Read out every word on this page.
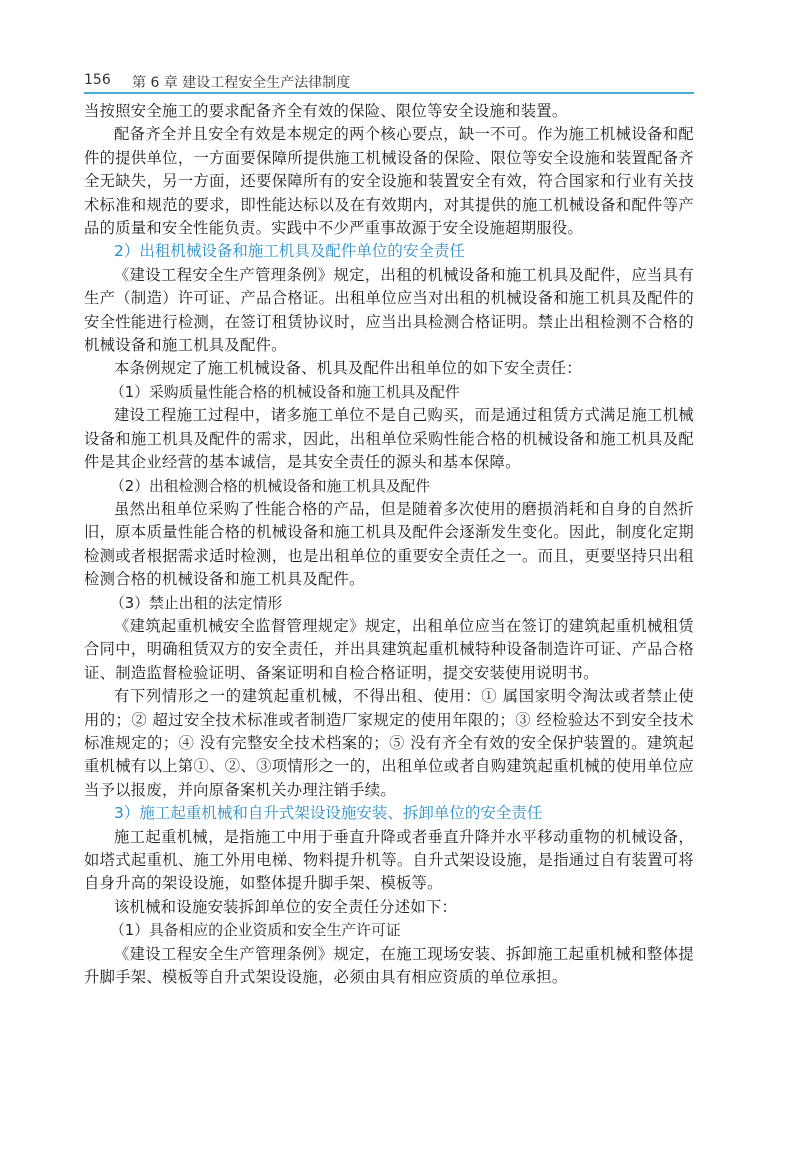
156 第 6 章 建设工程安全生产法律制度

当按照安全施工的要求配备齐全有效的保险、限位等安全设施和装置。

配备齐全并且安全有效是本规定的两个核心要点，缺一不可。作为施工机械设备和配件的提供单位，一方面要保障所提供施工机械设备的保险、限位等安全设施和装置配备齐全无缺失，另一方面，还要保障所有的安全设施和装置安全有效，符合国家和行业有关技术标准和规范的要求，即性能达标以及在有效期内，对其提供的施工机械设备和配件等产品的质量和安全性能负责。实践中不少严重事故源于安全设施超期服役。

2）出租机械设备和施工机具及配件单位的安全责任

《建设工程安全生产管理条例》规定，出租的机械设备和施工机具及配件，应当具有生产（制造）许可证、产品合格证。出租单位应当对出租的机械设备和施工机具及配件的安全性能进行检测，在签订租赁协议时，应当出具检测合格证明。禁止出租检测不合格的机械设备和施工机具及配件。

本条例规定了施工机械设备、机具及配件出租单位的如下安全责任：

（1）采购质量性能合格的机械设备和施工机具及配件

建设工程施工过程中，诸多施工单位不是自己购买，而是通过租赁方式满足施工机械设备和施工机具及配件的需求，因此，出租单位采购性能合格的机械设备和施工机具及配件是其企业经营的基本诚信，是其安全责任的源头和基本保障。

（2）出租检测合格的机械设备和施工机具及配件

虽然出租单位采购了性能合格的产品，但是随着多次使用的磨损消耗和自身的自然折旧，原本质量性能合格的机械设备和施工机具及配件会逐渐发生变化。因此，制度化定期检测或者根据需求适时检测，也是出租单位的重要安全责任之一。而且，更要坚持只出租检测合格的机械设备和施工机具及配件。

（3）禁止出租的法定情形

《建筑起重机械安全监督管理规定》规定，出租单位应当在签订的建筑起重机械租赁合同中，明确租赁双方的安全责任，并出具建筑起重机械特种设备制造许可证、产品合格证、制造监督检验证明、备案证明和自检合格证明，提交安装使用说明书。

有下列情形之一的建筑起重机械，不得出租、使用：① 属国家明令淘汰或者禁止使用的；② 超过安全技术标准或者制造厂家规定的使用年限的；③ 经检验达不到安全技术标准规定的；④ 没有完整安全技术档案的；⑤ 没有齐全有效的安全保护装置的。建筑起重机械有以上第①、②、③项情形之一的，出租单位或者自购建筑起重机械的使用单位应当予以报废，并向原备案机关办理注销手续。

3）施工起重机械和自升式架设设施安装、拆卸单位的安全责任

施工起重机械，是指施工中用于垂直升降或者垂直升降并水平移动重物的机械设备，如塔式起重机、施工外用电梯、物料提升机等。自升式架设设施，是指通过自有装置可将自身升高的架设设施，如整体提升脚手架、模板等。

该机械和设施安装拆卸单位的安全责任分述如下：

（1）具备相应的企业资质和安全生产许可证

《建设工程安全生产管理条例》规定，在施工现场安装、拆卸施工起重机械和整体提升脚手架、模板等自升式架设设施，必须由具有相应资质的单位承担。
